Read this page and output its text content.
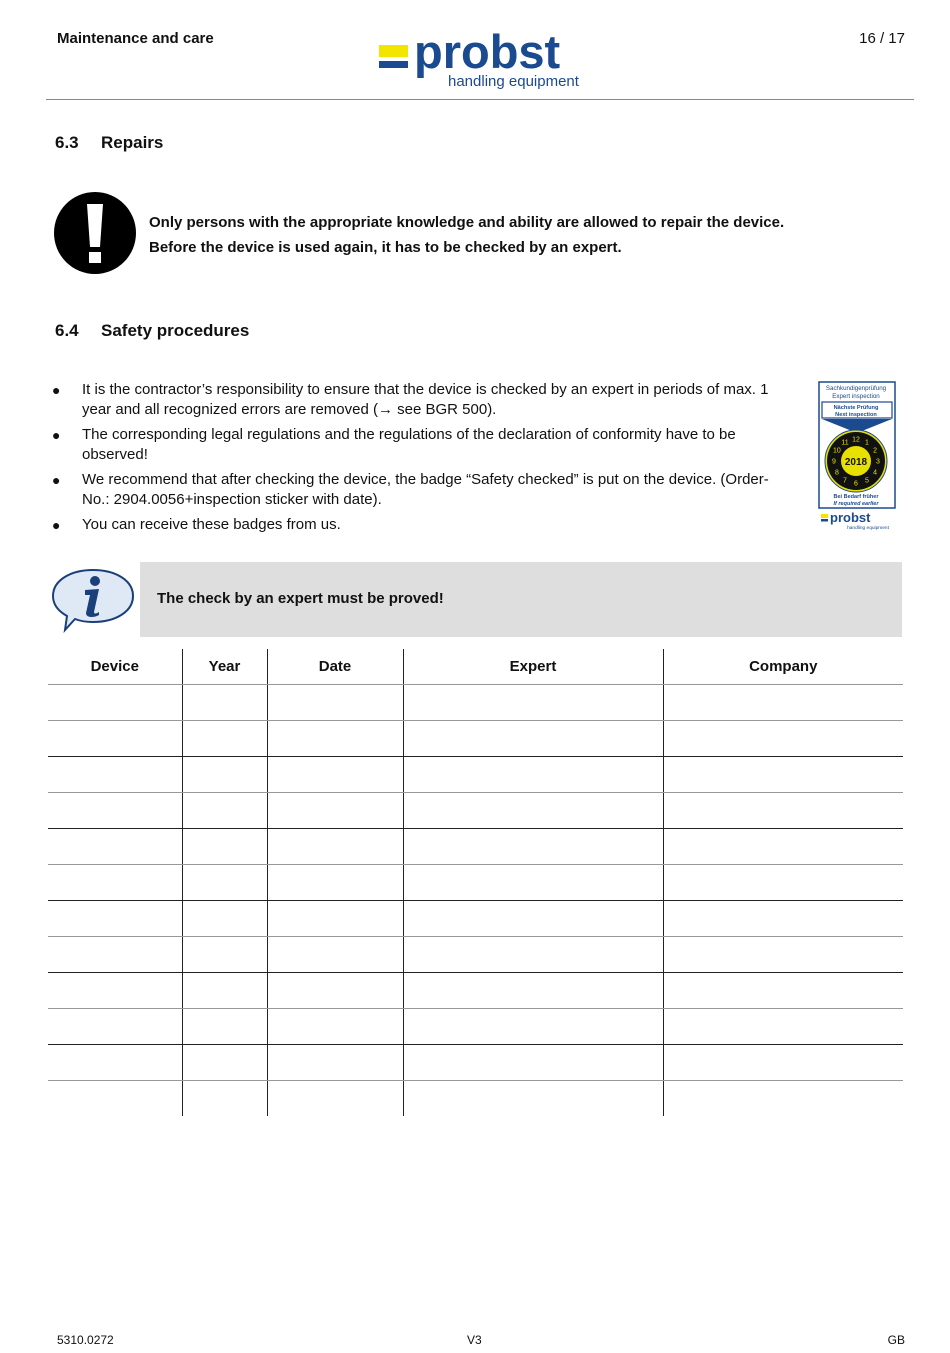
Maintenance and care	16 / 17
probst
handling equipment
6.3 Repairs
Only persons with the appropriate knowledge and ability are allowed to repair the device.
Before the device is used again, it has to be checked by an expert.
6.4 Safety procedures
●	It is the contractor’s responsibility to ensure that the device is checked by an expert in periods of max. 1 year and all recognized errors are removed (→ see BGR 500).
●	The corresponding legal regulations and the regulations of the declaration of conformity have to be observed!
●	We recommend that after checking the device, the badge “Safety checked” is put on the device. (Order-No.: 2904.0056+inspection sticker with date).
●	You can receive these badges from us.
Sachkundigenprüfung
Expert inspection
Nächste Prüfung
Next inspection
2018
1
2
3
4
5
6
7
8
9
10
11 12
Bei Bedarf früher
If required earlier
probst
handling equipment
The check by an expert must be proved!
Device	Year	Date	Expert	Company

5310.0272	V3	GB
